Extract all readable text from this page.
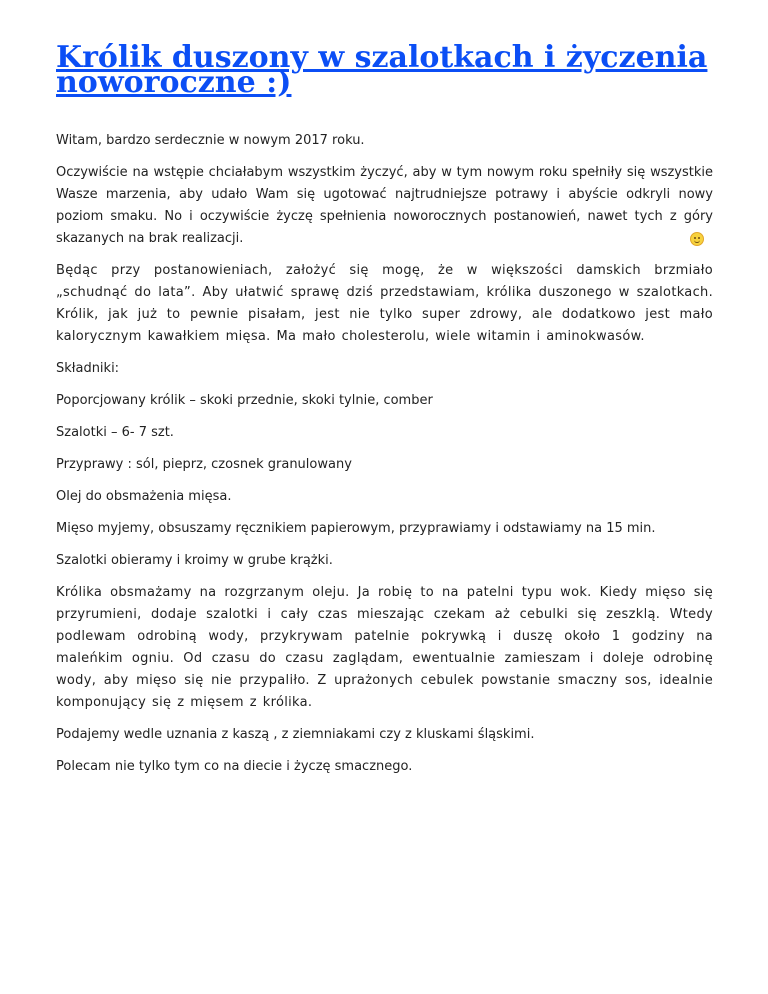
Królik duszony w szalotkach i życzenia noworoczne :)

Witam, bardzo serdecznie w nowym 2017 roku.

Oczywiście na wstępie chciałabym wszystkim życzyć, aby w tym nowym roku spełniły się wszystkie Wasze marzenia, aby udało Wam się ugotować najtrudniejsze potrawy i abyście odkryli nowy poziom smaku. No i oczywiście życzę spełnienia noworocznych postanowień, nawet tych z góry skazanych na brak realizacji.

Będąc przy postanowieniach, założyć się mogę, że w większości damskich brzmiało „schudnąć do lata”. Aby ułatwić sprawę dziś przedstawiam, królika duszonego w szalotkach. Królik, jak już to pewnie pisałam, jest nie tylko super zdrowy, ale dodatkowo jest mało kalorycznym kawałkiem mięsa. Ma mało cholesterolu, wiele witamin i aminokwasów.

Składniki:

Poporcjowany królik – skoki przednie, skoki tylnie, comber

Szalotki – 6- 7 szt.

Przyprawy : sól, pieprz, czosnek granulowany

Olej do obsmażenia mięsa.

Mięso myjemy, obsuszamy ręcznikiem papierowym, przyprawiamy i odstawiamy na 15 min.

Szalotki obieramy i kroimy w grube krążki.

Królika obsmażamy na rozgrzanym oleju. Ja robię to na patelni typu wok. Kiedy mięso się przyrumieni, dodaje szalotki i cały czas mieszając czekam aż cebulki się zeszklą. Wtedy podlewam odrobiną wody, przykrywam patelnie pokrywką i duszę około 1 godziny na maleńkim ogniu. Od czasu do czasu zaglądam, ewentualnie zamieszam i doleje odrobinę wody, aby mięso się nie przypaliło. Z uprażonych cebulek powstanie smaczny sos, idealnie komponujący się z mięsem z królika.

Podajemy wedle uznania z kaszą , z ziemniakami czy z kluskami śląskimi.

Polecam nie tylko tym co na diecie i życzę smacznego.
